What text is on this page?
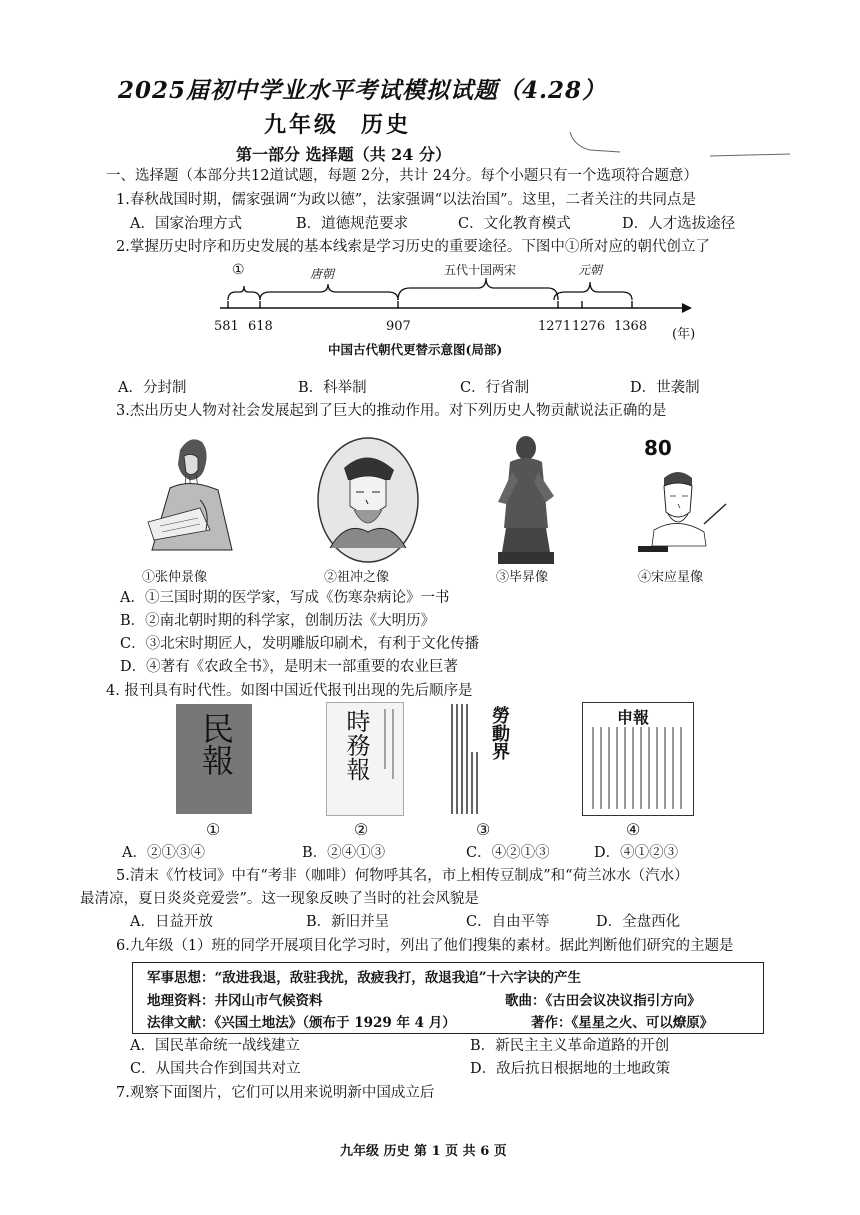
2025届初中学业水平考试模拟试题（4.28）
九年级 历史
第一部分 选择题（共 24 分）
一、选择题（本部分共12道试题，每题 2分，共计 24分。每个小题只有一个选项符合题意）
1.春秋战国时期，儒家强调“为政以德”，法家强调“以法治国”。这里，二者关注的共同点是
A．国家治理方式	B．道德规范要求	C．文化教育模式	D．人才选拔途径
2.掌握历史时序和历史发展的基本线索是学习历史的重要途径。下图中①所对应的朝代创立了
①	唐朝	五代十国两宋	元朝
581 618	907	1271 1276 1368
(年)
中国古代朝代更替示意图(局部)
A．分封制	B．科举制	C．行省制	D．世袭制
3.杰出历史人物对社会发展起到了巨大的推动作用。对下列历史人物贡献说法正确的是
80
①张仲景像	②祖冲之像	③毕昇像	④宋应星像
A．①三国时期的医学家，写成《伤寒杂病论》一书
B．②南北朝时期的科学家，创制历法《大明历》
C．③北宋时期匠人，发明雕版印刷术，有利于文化传播
D．④著有《农政全书》，是明末一部重要的农业巨著
4. 报刊具有时代性。如图中国近代报刊出现的先后顺序是
民報	時務報	勞動界	申報
①	②	③	④
A．②①③④	B．②④①③	C．④②①③	D．④①②③
5.清末《竹枝词》中有“考非（咖啡）何物呼其名，市上相传豆制成”和“荷兰冰水（汽水）
最清凉，夏日炎炎竞爱尝”。这一现象反映了当时的社会风貌是
A．日益开放	B．新旧并呈	C．自由平等	D．全盘西化
6.九年级（1）班的同学开展项目化学习时，列出了他们搜集的素材。据此判断他们研究的主题是
军事思想：“敌进我退，敌驻我扰，敌疲我打，敌退我追”十六字诀的产生
地理资料：井冈山市气候资料	歌曲：《古田会议决议指引方向》
法律文献：《兴国土地法》（颁布于 1929 年 4 月）	著作：《星星之火、可以燎原》
A．国民革命统一战线建立	B．新民主主义革命道路的开创
C．从国共合作到国共对立	D．敌后抗日根据地的土地政策
7.观察下面图片，它们可以用来说明新中国成立后
九年级 历史 第 1 页 共 6 页
